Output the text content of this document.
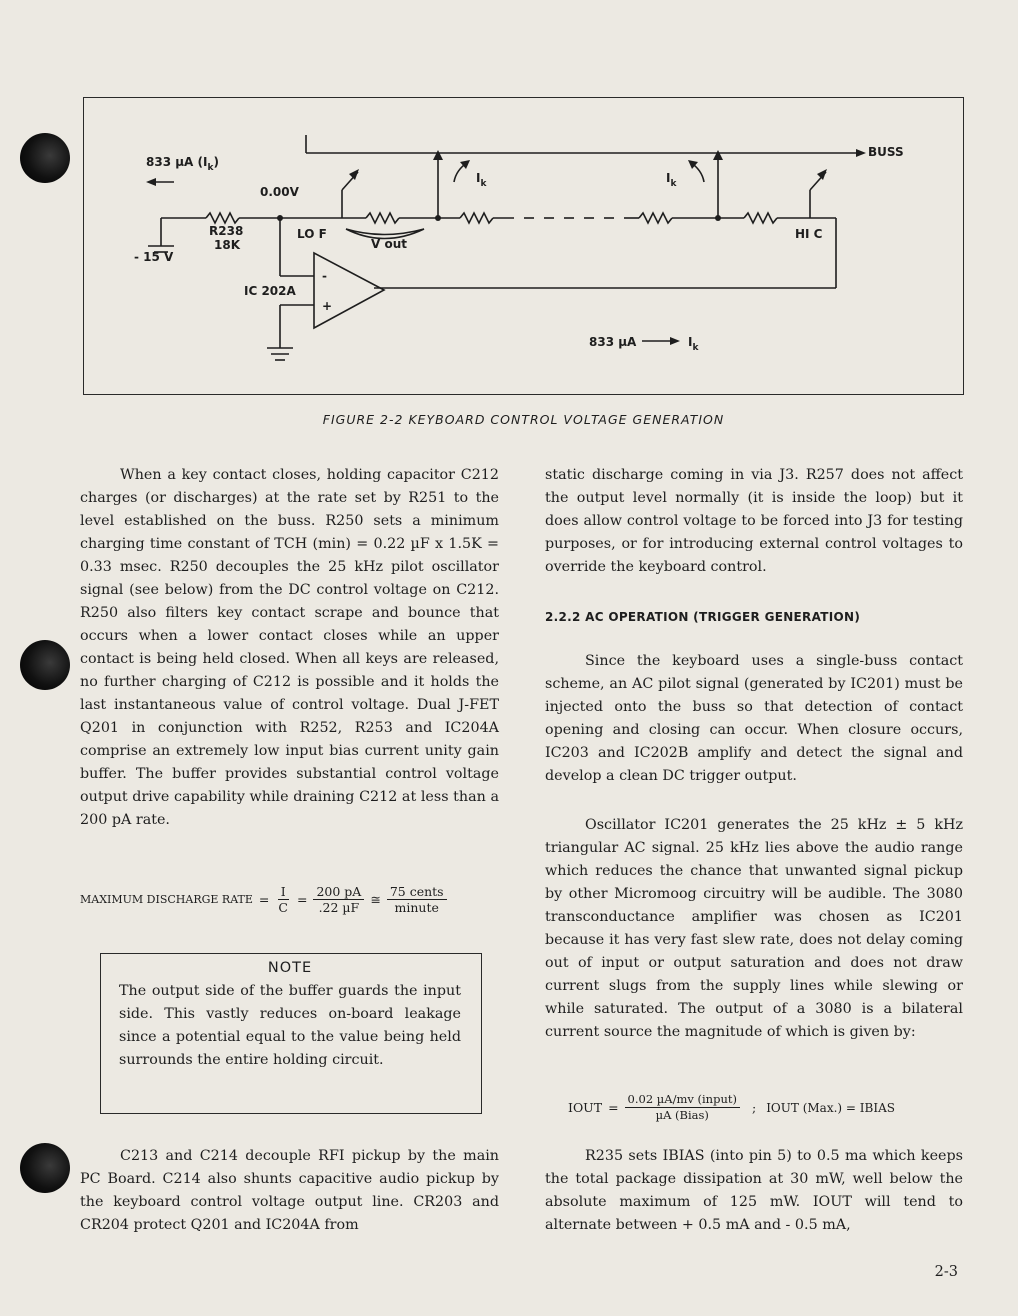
833 µA $(I_k)$
0.00V
- 15 V
R238
18K
LO F
V out
IC 202A
-
+
HI C
BUSS
$I_k$	$I_k$
833 µA	$I_k$
FIGURE 2-2 KEYBOARD CONTROL VOLTAGE GENERATION

When a key contact closes, holding capacitor C212 charges (or discharges) at the rate set by R251 to the level established on the buss. R250 sets a minimum charging time constant of TCH (min) = 0.22 µF x 1.5K = 0.33 msec. R250 decouples the 25 kHz pilot oscillator signal (see below) from the DC control voltage on C212. R250 also filters key contact scrape and bounce that occurs when a lower contact closes while an upper contact is being held closed. When all keys are released, no further charging of C212 is possible and it holds the last instantaneous value of control voltage. Dual J-FET Q201 in conjunction with R252, R253 and IC204A comprise an extremely low input bias current unity gain buffer. The buffer provides substantial control voltage output drive capability while draining C212 at less than a 200 pA rate.

MAXIMUM DISCHARGE RATE = $\frac{I}{C} = \frac{200 pA}{\text{.22 µF}}$ ≅ $\frac{\text{75 cents}}{\text{minute}}$
NOTE
The output side of the buffer guards the input side. This vastly reduces on-board leakage since a potential equal to the value being held surrounds the entire holding circuit.

C213 and C214 decouple RFI pickup by the main PC Board. C214 also shunts capacitive audio pickup by the keyboard control voltage output line. CR203 and CR204 protect Q201 and IC204A from

static discharge coming in via J3. R257 does not affect the output level normally (it is inside the loop) but it does allow control voltage to be forced into J3 for testing purposes, or for introducing external control voltages to override the keyboard control.

2.2.2 AC OPERATION (TRIGGER GENERATION)

Since the keyboard uses a single-buss contact scheme, an AC pilot signal (generated by IC201) must be injected onto the buss so that detection of contact opening and closing can occur. When closure occurs, IC203 and IC202B amplify and detect the signal and develop a clean DC trigger output.

Oscillator IC201 generates the 25 kHz ± 5 kHz triangular AC signal. 25 kHz lies above the audio range which reduces the chance that unwanted signal pickup by other Micromoog circuitry will be audible. The 3080 transconductance amplifier was chosen as IC201 because it has very fast slew rate, does not delay coming out of input or output saturation and does not draw current slugs from the supply lines while slewing or while saturated. The output of a 3080 is a bilateral current source the magnitude of which is given by:

IOUT = $\frac{\text{0.02 µA/mv (input)}}{\text{µA (Bias)}}$ ; IOUT (Max.) = IBIAS

R235 sets IBIAS (into pin 5) to 0.5 ma which keeps the total package dissipation at 30 mW, well below the absolute maximum of 125 mW. IOUT will tend to alternate between + 0.5 mA and - 0.5 mA,

2-3
